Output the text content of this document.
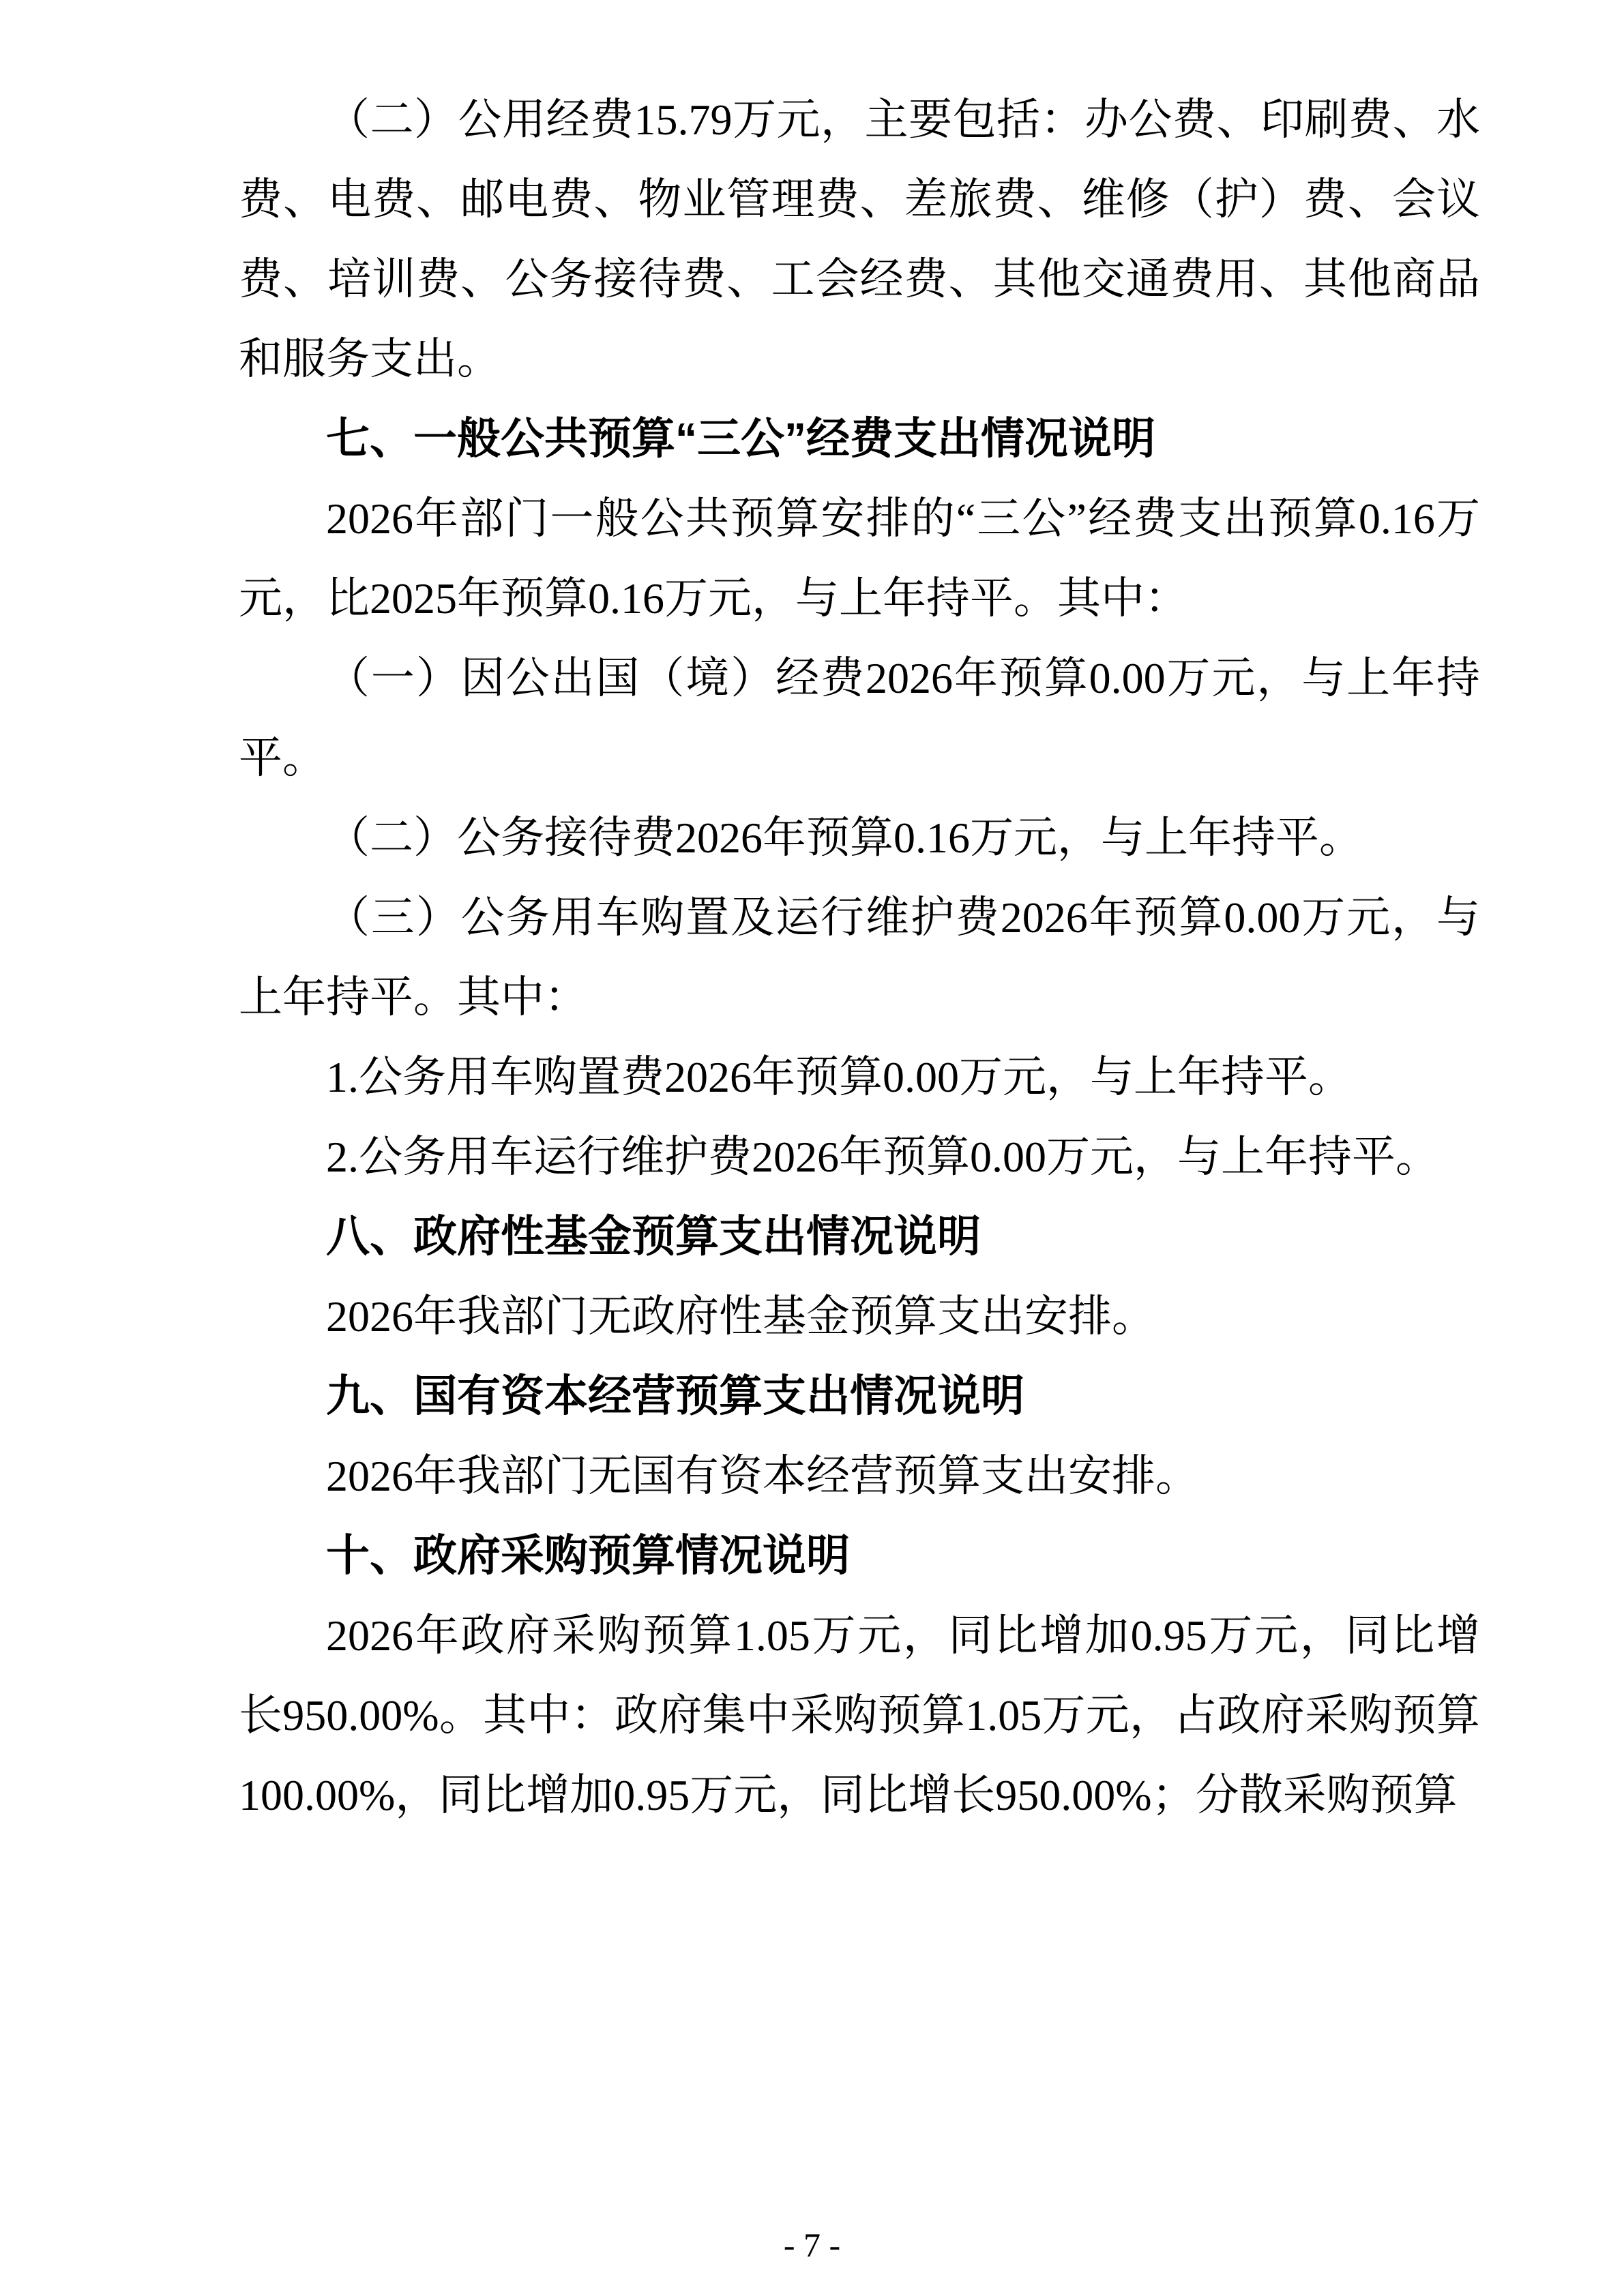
（二）公用经费15.79万元，主要包括：办公费、印刷费、水费、电费、邮电费、物业管理费、差旅费、维修（护）费、会议费、培训费、公务接待费、工会经费、其他交通费用、其他商品和服务支出。

七、一般公共预算“三公”经费支出情况说明

2026年部门一般公共预算安排的“三公”经费支出预算0.16万元，比2025年预算0.16万元，与上年持平。其中：

（一）因公出国（境）经费2026年预算0.00万元，与上年持平。

（二）公务接待费2026年预算0.16万元，与上年持平。

（三）公务用车购置及运行维护费2026年预算0.00万元，与上年持平。其中：

1.公务用车购置费2026年预算0.00万元，与上年持平。

2.公务用车运行维护费2026年预算0.00万元，与上年持平。

八、政府性基金预算支出情况说明

2026年我部门无政府性基金预算支出安排。

九、国有资本经营预算支出情况说明

2026年我部门无国有资本经营预算支出安排。

十、政府采购预算情况说明

2026年政府采购预算1.05万元，同比增加0.95万元，同比增长950.00%。其中：政府集中采购预算1.05万元，占政府采购预算100.00%，同比增加0.95万元，同比增长950.00%；分散采购预算

- 7 -
